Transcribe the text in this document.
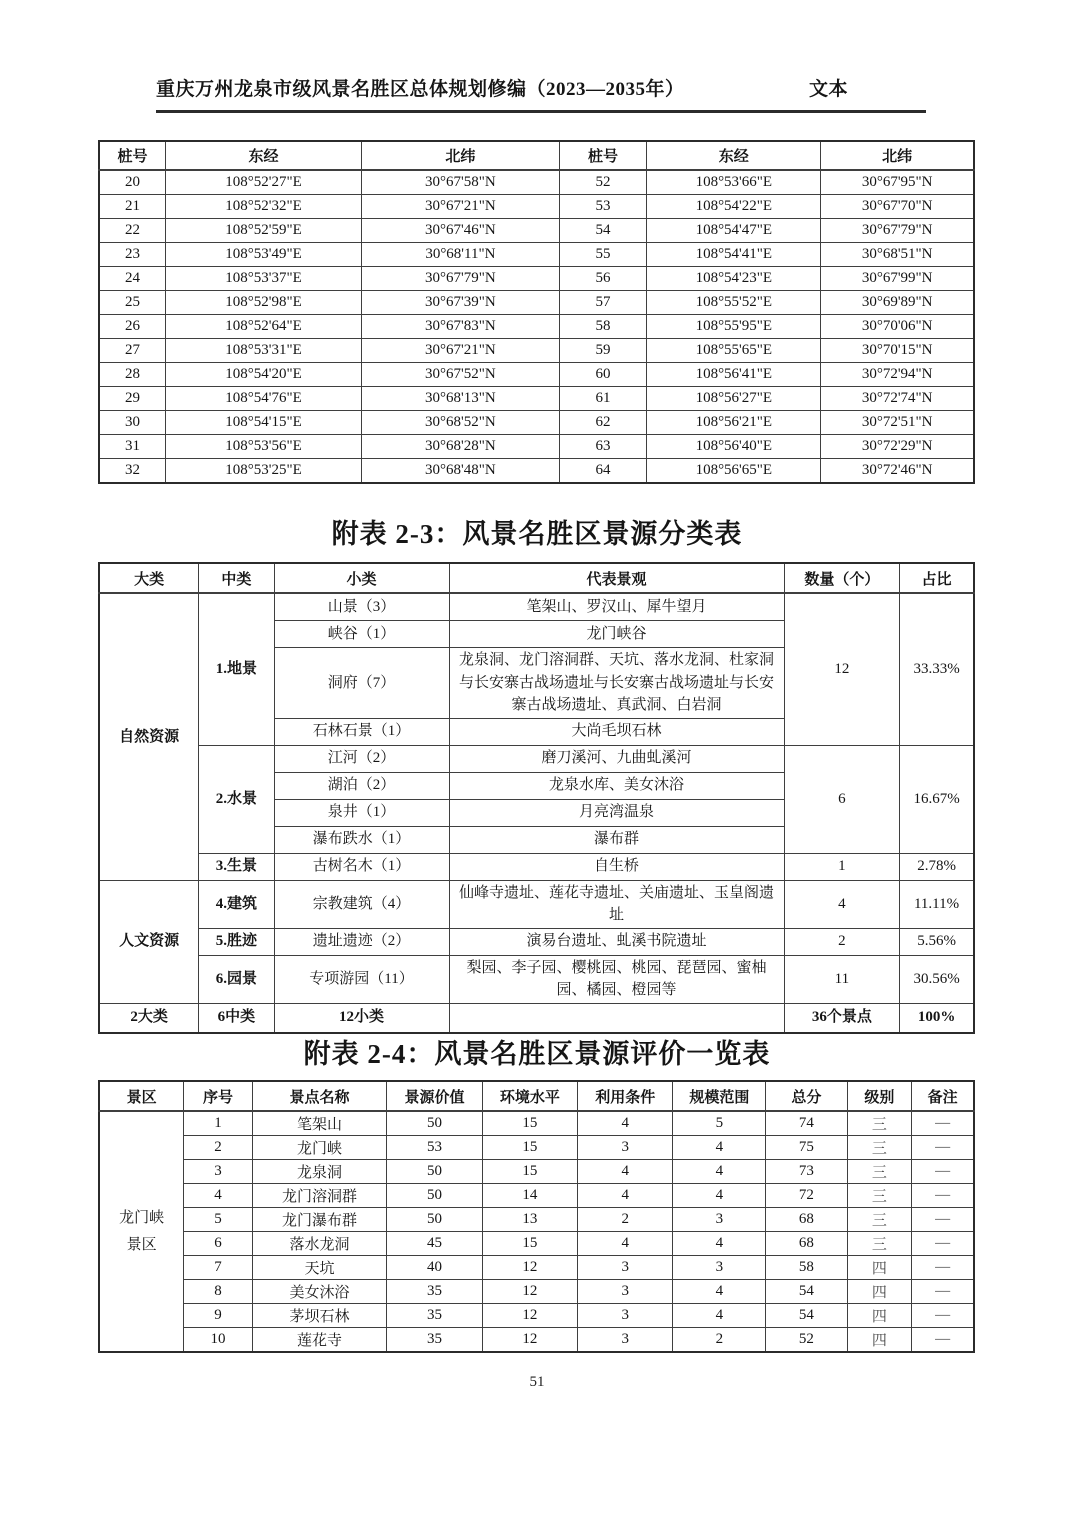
重庆万州龙泉市级风景名胜区总体规划修编（2023—2035年）	文本
桩号	东经	北纬	桩号	东经	北纬
20	108°52'27"E	30°67'58"N	52	108°53'66"E	30°67'95"N
21	108°52'32"E	30°67'21"N	53	108°54'22"E	30°67'70"N
22	108°52'59"E	30°67'46"N	54	108°54'47"E	30°67'79"N
23	108°53'49"E	30°68'11"N	55	108°54'41"E	30°68'51"N
24	108°53'37"E	30°67'79"N	56	108°54'23"E	30°67'99"N
25	108°52'98"E	30°67'39"N	57	108°55'52"E	30°69'89"N
26	108°52'64"E	30°67'83"N	58	108°55'95"E	30°70'06"N
27	108°53'31"E	30°67'21"N	59	108°55'65"E	30°70'15"N
28	108°54'20"E	30°67'52"N	60	108°56'41"E	30°72'94"N
29	108°54'76"E	30°68'13"N	61	108°56'27"E	30°72'74"N
30	108°54'15"E	30°68'52"N	62	108°56'21"E	30°72'51"N
31	108°53'56"E	30°68'28"N	63	108°56'40"E	30°72'29"N
32	108°53'25"E	30°68'48"N	64	108°56'65"E	30°72'46"N
附表 2-3：风景名胜区景源分类表
大类	中类	小类	代表景观	数量（个）	占比
自然资源	1.地景	山景（3）	笔架山、罗汉山、犀牛望月	12	33.33%
		峡谷（1）	龙门峡谷		
		洞府（7）	龙泉洞、龙门溶洞群、天坑、落水龙洞、杜家洞与长安寨古战场遗址与长安寨古战场遗址与长安寨古战场遗址、真武洞、白岩洞		
		石林石景（1）	大尚毛坝石林		
	2.水景	江河（2）	磨刀溪河、九曲虬溪河	6	16.67%
		湖泊（2）	龙泉水库、美女沐浴		
		泉井（1）	月亮湾温泉		
		瀑布跌水（1）	瀑布群		
	3.生景	古树名木（1）	自生桥	1	2.78%
人文资源	4.建筑	宗教建筑（4）	仙峰寺遗址、莲花寺遗址、关庙遗址、玉皇阁遗址	4	11.11%
	5.胜迹	遗址遗迹（2）	演易台遗址、虬溪书院遗址	2	5.56%
	6.园景	专项游园（11）	梨园、李子园、樱桃园、桃园、琵琶园、蜜柚园、橘园、橙园等	11	30.56%
2大类	6中类	12小类		36个景点	100%
附表 2-4：风景名胜区景源评价一览表
景区	序号	景点名称	景源价值	环境水平	利用条件	规模范围	总分	级别	备注
龙门峡景区	1	笔架山	50	15	4	5	74	三	—
	2	龙门峡	53	15	3	4	75	三	—
	3	龙泉洞	50	15	4	4	73	三	—
	4	龙门溶洞群	50	14	4	4	72	三	—
	5	龙门瀑布群	50	13	2	3	68	三	—
	6	落水龙洞	45	15	4	4	68	三	—
	7	天坑	40	12	3	3	58	四	—
	8	美女沐浴	35	12	3	4	54	四	—
	9	茅坝石林	35	12	3	4	54	四	—
	10	莲花寺	35	12	3	2	52	四	—
51
